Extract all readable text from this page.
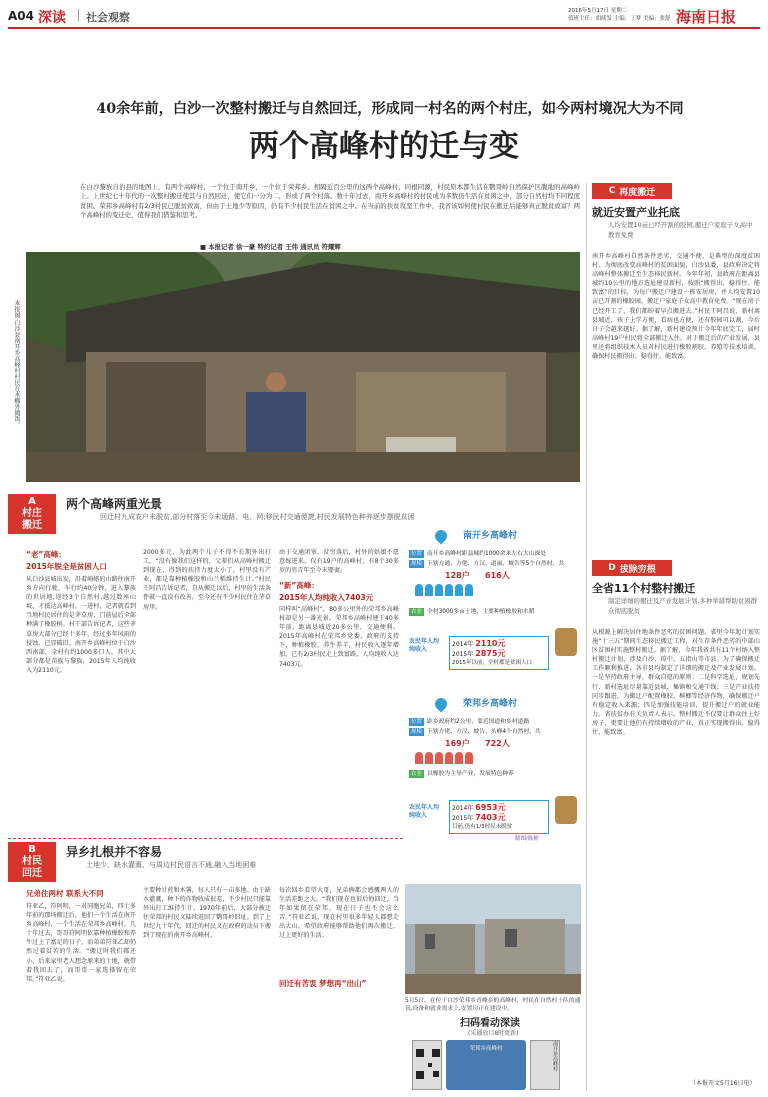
A04 深读 社会观察	2016年5月17日 星期二
值班主任：胡续发 主编：丁梦 美编：张舒 海南日报
40余年前，白沙一次整村搬迁与自然回迁，形成同一村名的两个村庄，如今两村境况大为不同
两个高峰村的迁与变
在白沙黎族自治县的地图上，有两个高峰村，一个位于南开乡，一个位于荣邦乡。相隔近百公里的这两个高峰村，同根同源，村民原本都生活在鹦哥岭自然保护区腹地的高峰岭上。上世纪七十年代的一次整村搬迁使其与自然回迁，使它们一分为二，形成了两个村落。数十年过去，南开乡高峰村的村民成为多数仍生活在贫困之中，部分自然村均不同程度贫困。荣邦乡高峰村有2/3村民已脱贫致富，但由于土地少等原因，仍有不少村民生活在贫困之中。在当前的扶贫攻坚工作中，我省该如何使村民在搬迁后能够真正脱贫致富？两个高峰村的变迁史，值得我们借鉴和思考。
■ 本报记者 徐一豪 特约记者 王伟 通讯员 符耀辉
本报图 白沙县南开乡高峰村村民在木棚外做饭。
A
村庄搬迁
两个高峰两重光景
回迁村九成农户未脱贫,部分村落至今未通路、电、网;移民村交通便捷,村民发展特色种养逐步摆脱贫困
“老”高峰：
2015年脱全是贫困人口
从白沙县城出发，沿着崎岖的山路往南开乡方向行驶，车行约40分钟，进入黎族的世居地,途经3个自然村,越过数座山坡，才抵达高峰村。一进村，记者就看到当地村民居住的是茅草房，门前屋后全部种满了橡胶树。村干部告诉记者，这些茅草房大部分已经十多年，经过多年风雨的侵蚀，已显破旧。南开乡高峰村位于白沙西南部，全村有约1000多口人，其中大部分都是苗族与黎族，2015年人均纯收入为2110元。
2000多元，为此两个儿子不得不长期外出打工。“没有像我们这样的，父辈们从高峰村搬迁到现在，得到的扶持力度太小了，村里没有产业，都是靠种植橡胶和山兰稻维持生计。”村民王阿昌告诉记者，自从搬迁以后，村里的生活条件就一直没有改善，至今还有不少村民住在茅草房里。
由于交通闭塞、贫穷落后，村外的姑娘不愿意嫁进来。仅有19户的高峰村，有8个30多岁的男青年至今未娶妻。
“新”高峰：
2015年人均纯收入7403元
同样叫“高峰村”，80多公里外的荣邦乡高峰村却是另一番光景。荣邦乡高峰村建于40多年前，距离县城近20多公里，交通便利。2015年高峰村在荣邦乡党委、政府的支持下，种植橡胶、养牛养羊，村民收入逐年增加，已有2/3村民走上致富路，人均纯收入达7403元。
南开乡高峰村
位置 南开乡高峰村距县城约1000余米左右大山深处
规模 下辖方通、方佬、方汉、道丽、坡告等5个自然村，共
128户 616人
农业 全村3000多亩土地，主要种植橡胶和水稻
农民年人均纯收入
2014年 2110元
2015年 2875元
2015年以前，全村都是贫困人口
荣邦乡高峰村
位置 距乡政府约2公里，靠近国道和乡村道路
规模 下辖方佬、方汉、坡告、头峰4个自然村，共
169户 722人
农业 以橡胶为主导产业，发展特色种养
农民年人均纯收入
2014年 6953元
2015年 7403元
目前,仍有1/3村民未脱贫
制图/陈彬
B
村民回迁
异乡扎根并不容易
土地少、缺水灌溉、与周边村民语言不通,融入当地困难
兄弟住两村 联系大不同
符亚乙，符阿明，一对同胞兄弟，四十多年前的那场搬迁后，他们一个生活在南开乡高峰村，一个生活在荣邦乡高峰村。几十年过去，哥哥符阿明依靠种植橡胶和养牛过上了富足的日子，而弟弟符亚乙却仍然过着贫苦的生活。“搬迁时我们都还小，后来家里老人想念原来的土地，就带着我回去了，而哥哥一家选择留在荣邦。”符亚乙说。
主要种甘蔗和木薯，每人只有一亩多地。由于缺水灌溉，种下的作物收成很差，不少村民只能靠外出打工维持生计。1970年前后，大部分被迁往荣邦的村民又陆续返回了鹦哥岭旧址。到了上世纪九十年代，回迁的村民又在政府的动员下搬到了现在的南开乡高峰村。
每次回乡看望大哥，兄弟俩都会感慨两人的生活差距之大。“我们现在也很后悔回迁，当年如果留在荣邦，现在日子也不会这么苦。”符亚乙说，现在村里很多年轻人都想走出大山，希望政府能够帮助他们再次搬迁，过上更好的生活。
回迁有苦衷 梦想再“出山”
5月5日，在位于白沙荣邦乡青峰乡的高峰村，村民在自然村十队的通讯,设备和就业需求上,安置房正在建设中。
扫码看动深读
(采播放目8时更新)
荣邦乡高峰村	南开乡高峰村
C 再度搬迁
就近安置产业托底
人均安置10亩已经开割的胶园,搬迁户家庭子女高中教育免费
南开乡高峰村自然条件恶劣，交通不便，是典型的深度贫困村。为彻底改变高峰村的贫困面貌，白沙县委、县政府决定将高峰村整体搬迁至生态移民新村。今年年初，县政府在距离县城约10公里的地方选址建设新村，按照“搬得出、稳得住、能致富”的目标，为每户搬迁户建设一栋安居房，并人均安置10亩已开割的橡胶园，搬迁户家庭子女高中教育免费。“现在房子已经开工了，我们都盼着早点搬进去。”村民王阿昌说，新村离县城近，孩子上学方便，看病也方便，还有胶园可以割，今后日子会越来越好。据了解，新村建设预计今年年底完工，届时高峰村19户村民将全部搬迁入住。对于搬迁后的产业发展，县里还将组织技术人员对村民进行橡胶割胶、养殖等技术培训，确保村民搬得出、稳得住、能致富。
D 拔除穷根
全省11个村整村搬迁
制定详细的搬迁及产业发展计划,多种举措帮助贫困群众彻底脱贫
从根源上解决居住地条件恶劣的贫困问题，省里今年起计划实施“十三五”期间生态移民搬迁工程，对生存条件恶劣的中部山区贫困村实施整村搬迁。据了解，今年我省共有11个村纳入整村搬迁计划，涉及白沙、琼中、五指山等市县。为了确保搬迁工作顺利推进，各市县均制定了详细的搬迁及产业发展计划。一是坚持政府主导、群众自愿的原则；二是科学选址、规划先行，新村选址尽量靠近县城、集镇和交通干线；三是产业扶持同步跟进，为搬迁户配置橡胶、槟榔等经济作物，确保搬迁户有稳定收入来源；四是加强技能培训，提升搬迁户的就业能力。省扶贫办有关负责人表示，整村搬迁不仅要让群众住上好房子，更要让他们有持续增收的产业，真正实现搬得出、稳得住、能致富。
（本报开文5月16日电）
